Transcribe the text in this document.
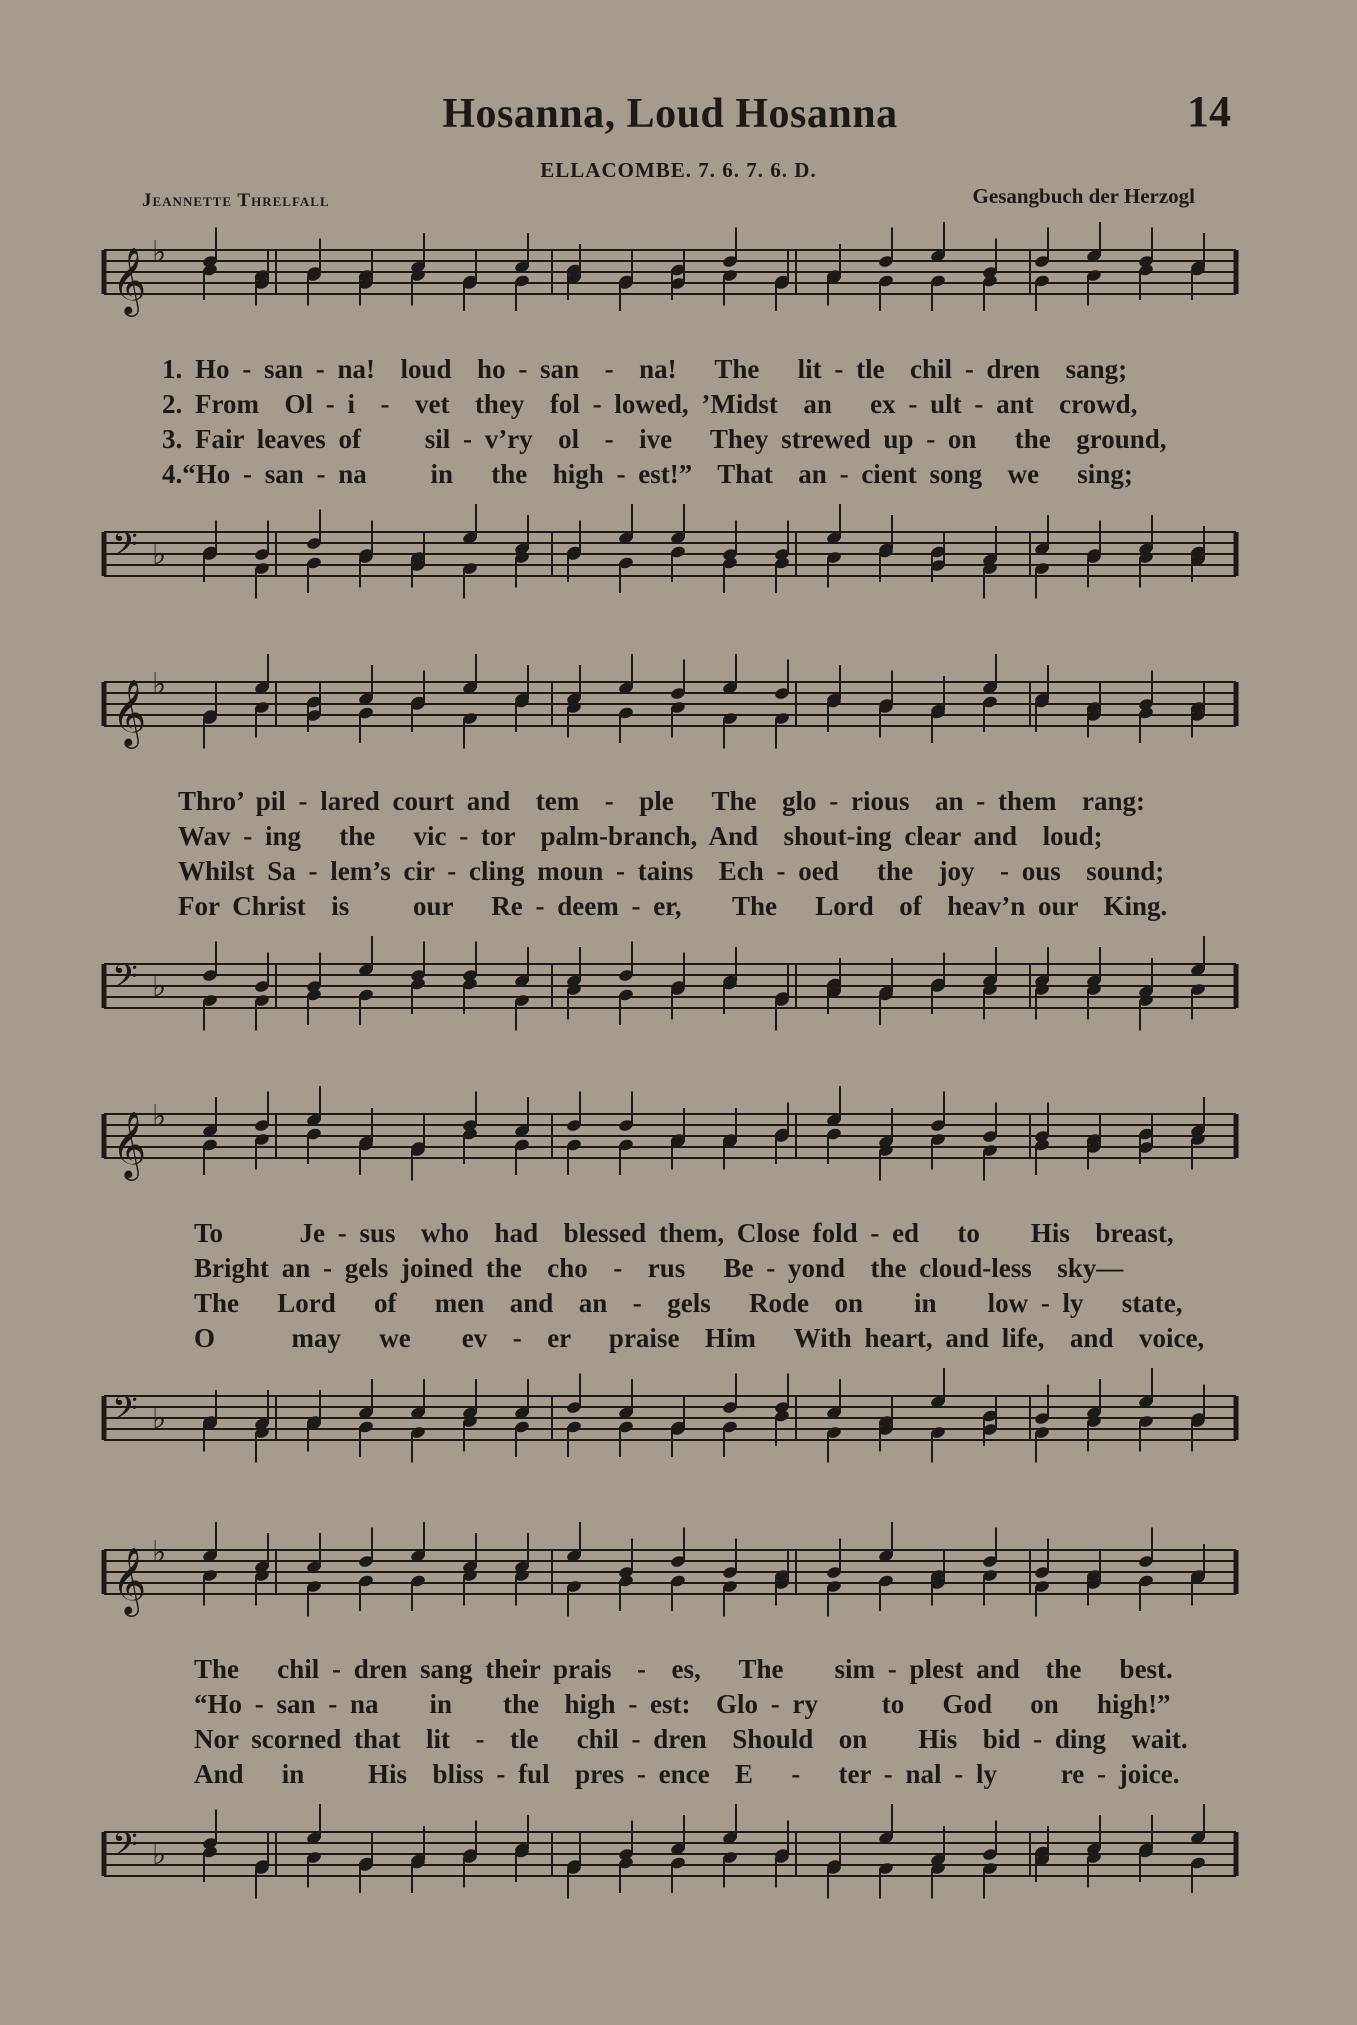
Hosanna, Loud Hosanna	14
ELLACOMBE. 7. 6. 7. 6. D.
Jeannette Threlfall	Gesangbuch der Herzogl
𝄞 ♭
1. Ho - san - na!  loud  ho - san  -  na!   The   lit - tle  chil - dren  sang;
2. From  Ol - i  -  vet  they  fol - lowed, ’Midst  an   ex - ult - ant  crowd,
3. Fair leaves of     sil - v’ry  ol  -  ive   They strewed up - on   the  ground,
4.“Ho - san - na     in   the  high - est!”  That  an - cient song  we   sing;
𝄢 ♭
𝄞 ♭
Thro’ pil - lared court and  tem  -  ple   The  glo - rious  an - them  rang:
Wav - ing   the   vic - tor  palm-branch, And  shout-ing clear and  loud;
Whilst Sa - lem’s cir - cling moun - tains  Ech - oed   the  joy  - ous  sound;
For Christ  is     our   Re - deem - er,    The   Lord  of  heav’n our  King.
𝄢 ♭
𝄞 ♭
To      Je - sus  who  had  blessed them, Close fold - ed   to    His  breast,
Bright an - gels joined the  cho  -  rus   Be - yond  the cloud-less  sky—
The   Lord   of   men  and  an  -  gels   Rode  on    in    low - ly   state,
O      may   we    ev  -  er   praise  Him   With heart, and life,  and  voice,
𝄢 ♭
𝄞 ♭
The   chil - dren sang their prais  -  es,   The    sim - plest and  the   best.
“Ho - san - na    in    the  high - est:  Glo - ry     to   God   on   high!”
Nor scorned that  lit  -  tle   chil - dren  Should  on    His  bid - ding  wait.
And   in     His  bliss - ful  pres - ence  E   -   ter - nal - ly     re - joice.
𝄢 ♭
